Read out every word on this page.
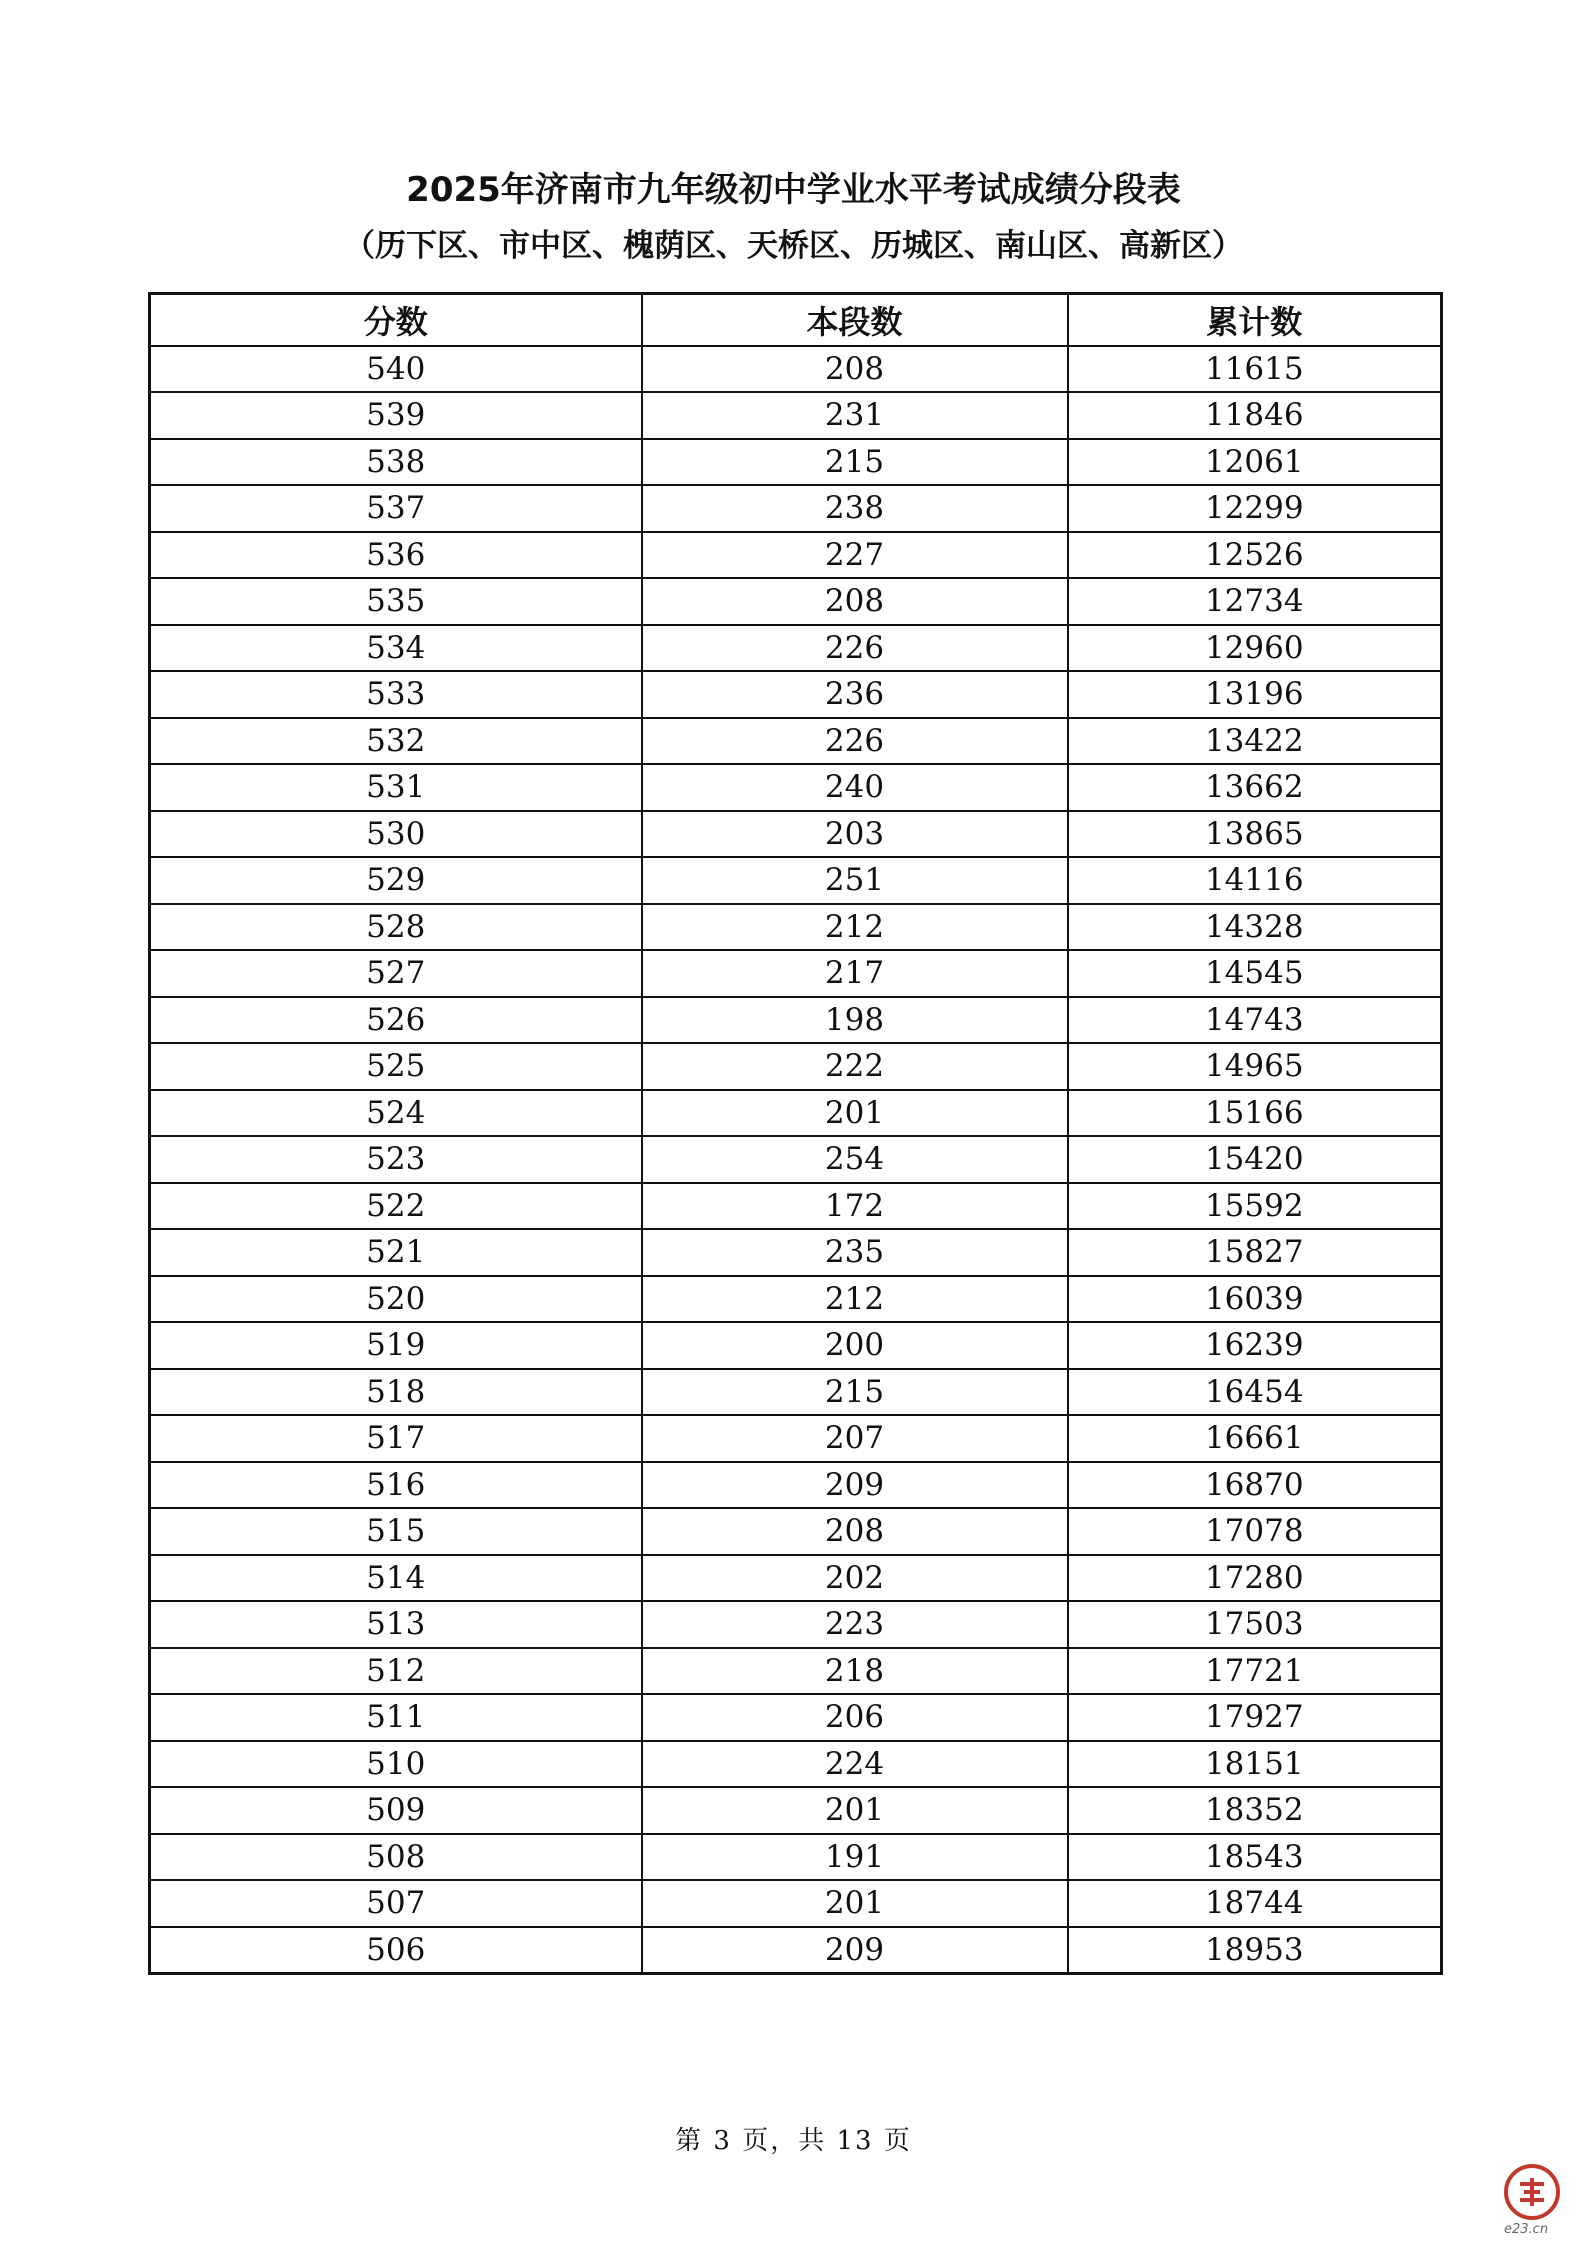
2025年济南市九年级初中学业水平考试成绩分段表
（历下区、市中区、槐荫区、天桥区、历城区、南山区、高新区）
分数	本段数	累计数
540	208	11615
539	231	11846
538	215	12061
537	238	12299
536	227	12526
535	208	12734
534	226	12960
533	236	13196
532	226	13422
531	240	13662
530	203	13865
529	251	14116
528	212	14328
527	217	14545
526	198	14743
525	222	14965
524	201	15166
523	254	15420
522	172	15592
521	235	15827
520	212	16039
519	200	16239
518	215	16454
517	207	16661
516	209	16870
515	208	17078
514	202	17280
513	223	17503
512	218	17721
511	206	17927
510	224	18151
509	201	18352
508	191	18543
507	201	18744
506	209	18953
第 3 页，共 13 页
e23.cn
